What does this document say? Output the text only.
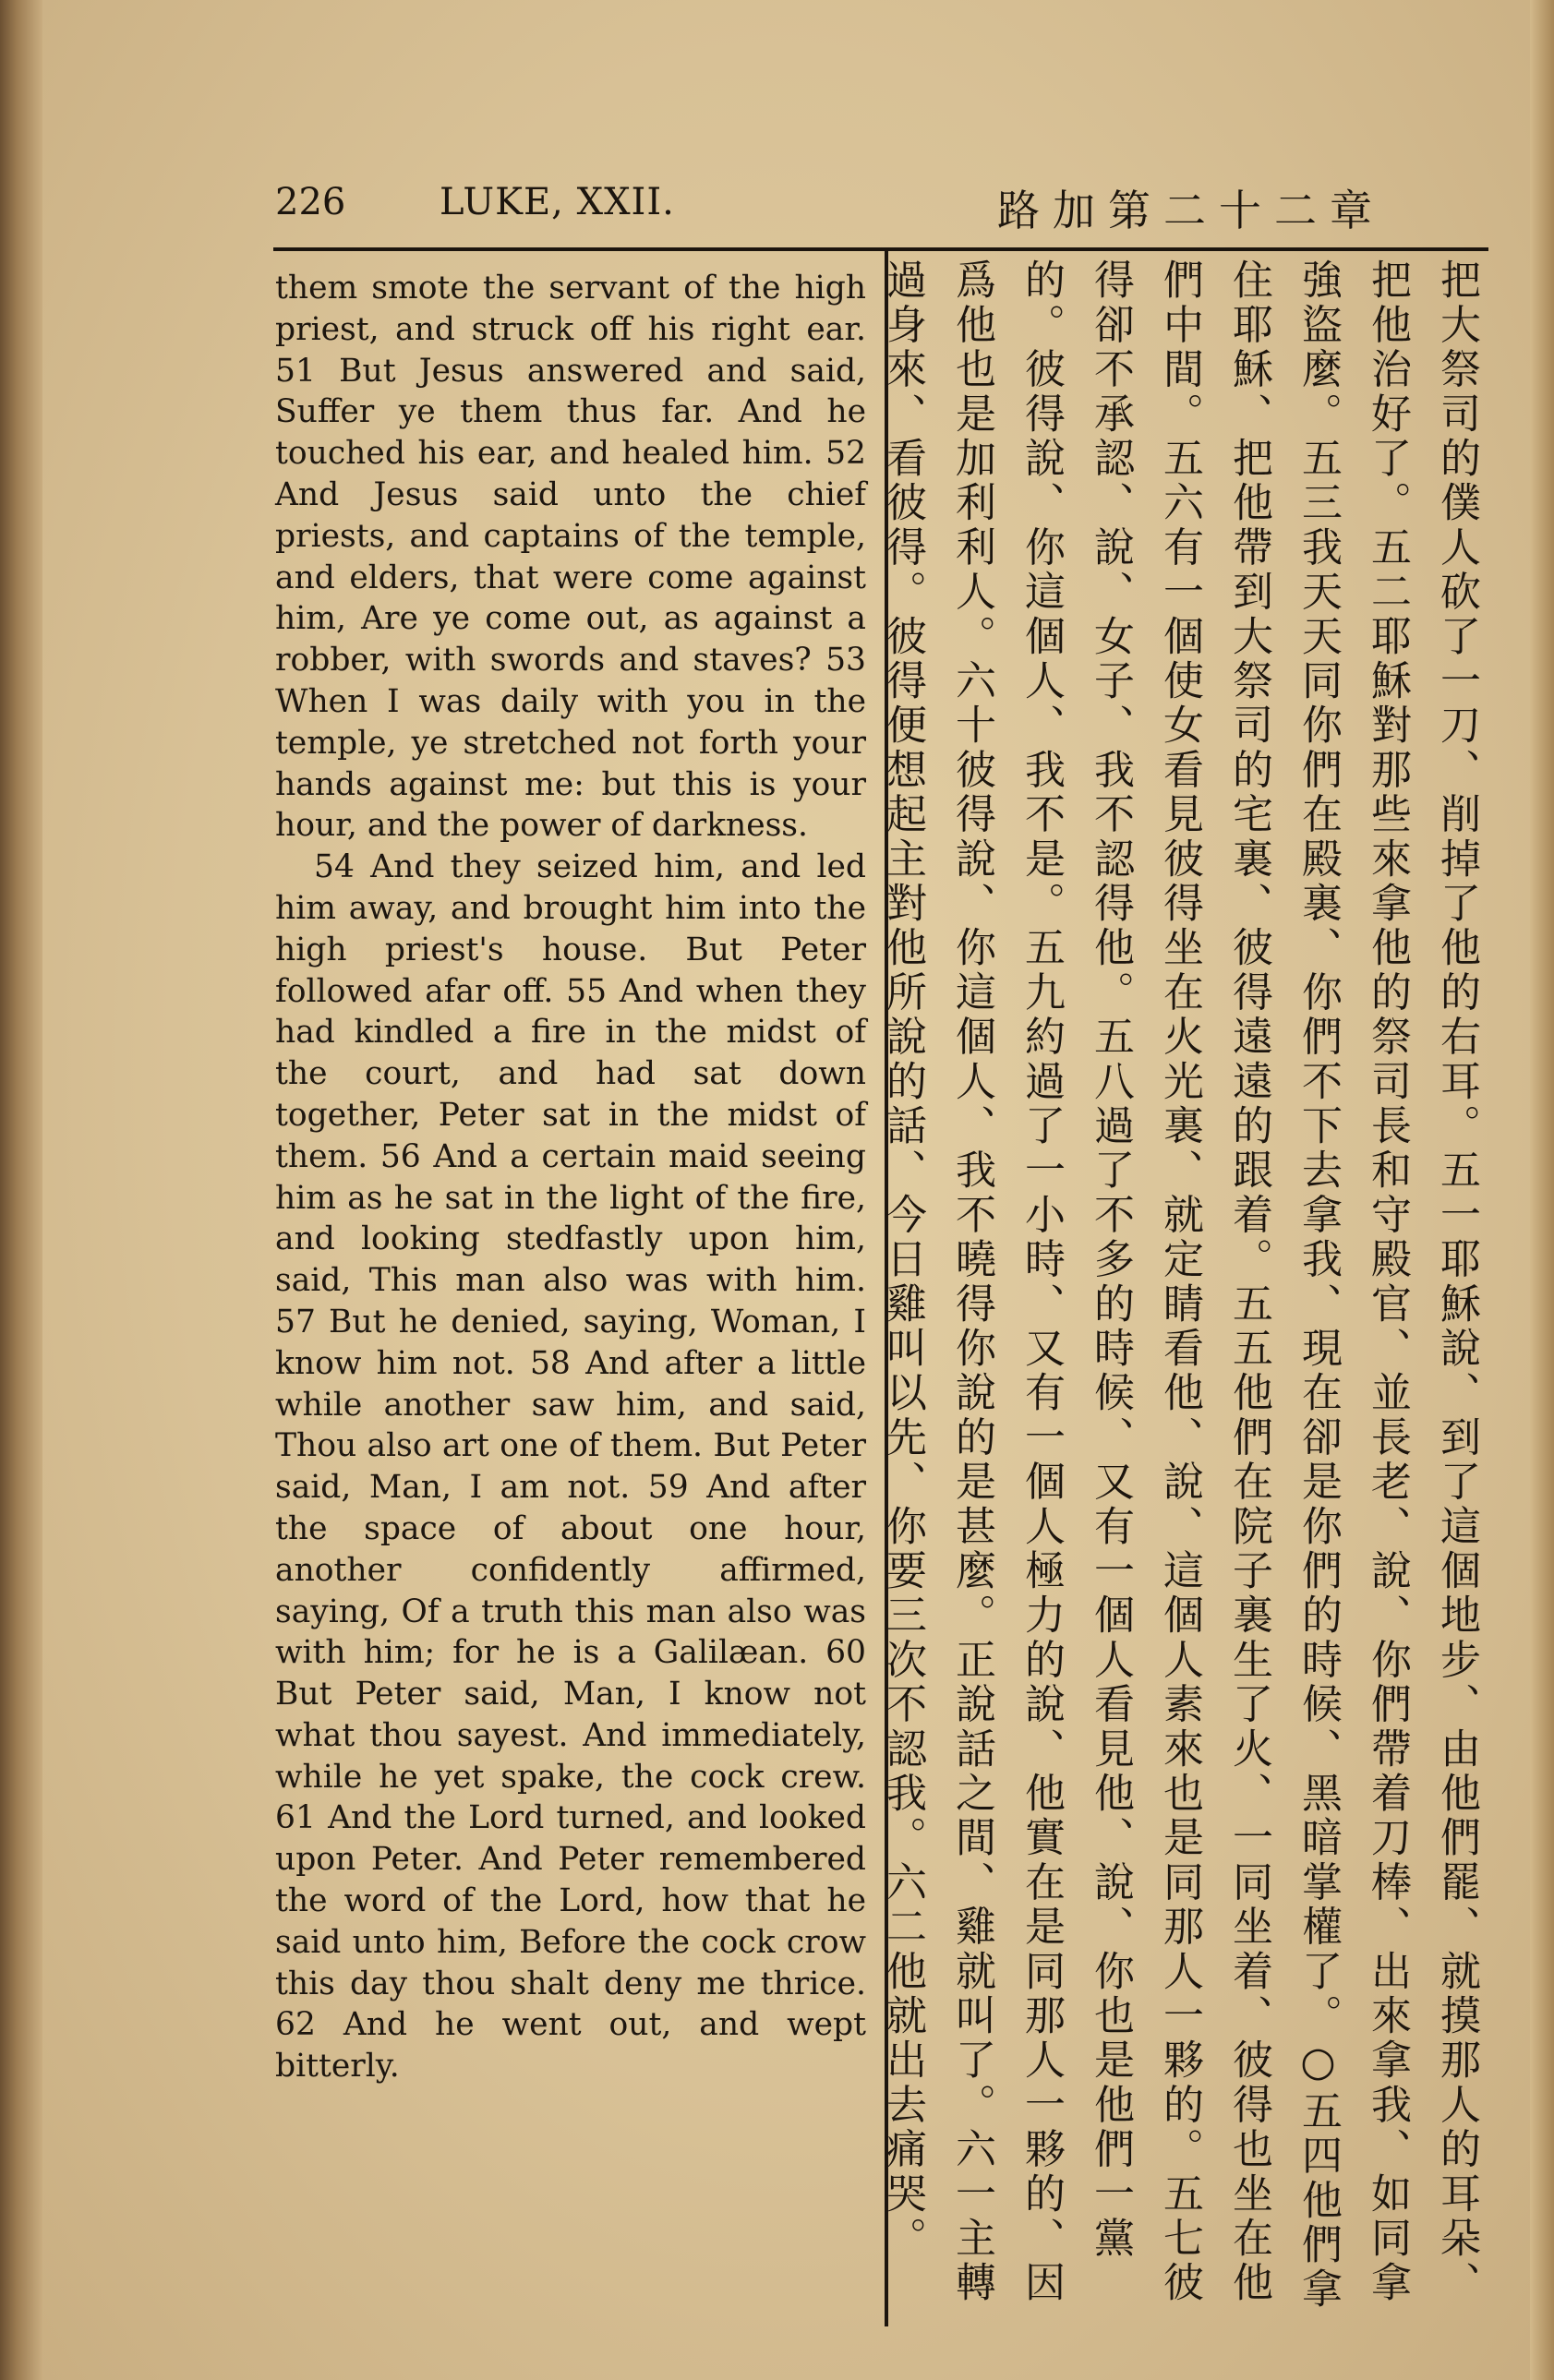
226	LUKE, XXII.	路加第二十二章

them smote the servant of the high priest, and struck off his right ear. 51 But Jesus answered and said, Suffer ye them thus far. And he touched his ear, and healed him. 52 And Jesus said unto the chief priests, and captains of the temple, and elders, that were come against him, Are ye come out, as against a robber, with swords and staves? 53 When I was daily with you in the temple, ye stretched not forth your hands against me: but this is your hour, and the power of darkness.

54 And they seized him, and led him away, and brought him into the high priest's house. But Peter followed afar off. 55 And when they had kindled a fire in the midst of the court, and had sat down together, Peter sat in the midst of them. 56 And a certain maid seeing him as he sat in the light of the fire, and looking stedfastly upon him, said, This man also was with him. 57 But he denied, saying, Woman, I know him not. 58 And after a little while another saw him, and said, Thou also art one of them. But Peter said, Man, I am not. 59 And after the space of about one hour, another confidently affirmed, saying, Of a truth this man also was with him; for he is a Galilæan. 60 But Peter said, Man, I know not what thou sayest. And immediately, while he yet spake, the cock crew. 61 And the Lord turned, and looked upon Peter. And Peter remembered the word of the Lord, how that he said unto him, Before the cock crow this day thou shalt deny me thrice. 62 And he went out, and wept bitterly.	把大祭司的僕人砍了一刀、削掉了他的右耳。五一耶穌說、到了這個地步、由他們罷、就摸那人的耳朵、把他治好了。五二耶穌對那些來拿他的祭司長和守殿官、並長老、說、你們帶着刀棒、出來拿我、如同拿強盜麼。五三我天天同你們在殿裏、你們不下去拿我、現在卻是你們的時候、黑暗掌權了。○五四他們拿住耶穌、把他帶到大祭司的宅裏、彼得遠遠的跟着。五五他們在院子裏生了火、一同坐着、彼得也坐在他們中間。五六有一個使女看見彼得坐在火光裏、就定睛看他、說、這個人素來也是同那人一夥的。五七彼得卻不承認、說、女子、我不認得他。五八過了不多的時候、又有一個人看見他、說、你也是他們一黨的。彼得說、你這個人、我不是。五九約過了一小時、又有一個人極力的說、他實在是同那人一夥的、因爲他也是加利利人。六十彼得說、你這個人、我不曉得你說的是甚麼。正說話之間、雞就叫了。六一主轉過身來、看彼得。彼得便想起主對他所說的話、今日雞叫以先、你要三次不認我。六二他就出去痛哭。
